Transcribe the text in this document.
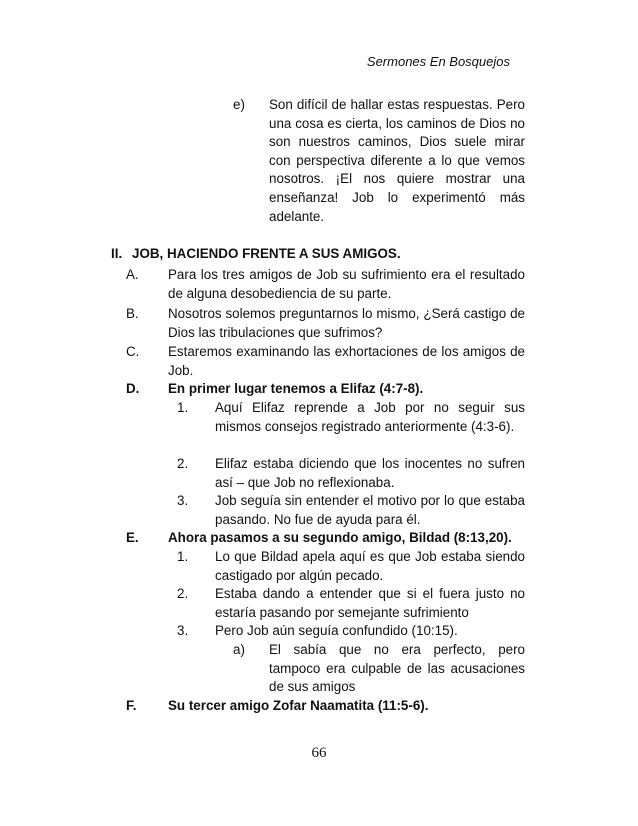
Sermones En Bosquejos
e) Son difícil de hallar estas respuestas. Pero una cosa es cierta, los caminos de Dios no son nuestros caminos, Dios suele mirar con perspectiva diferente a lo que vemos nosotros. ¡El nos quiere mostrar una enseñanza! Job lo experimentó más adelante.
II. JOB, HACIENDO FRENTE A SUS AMIGOS.
A. Para los tres amigos de Job su sufrimiento era el resultado de alguna desobediencia de su parte.
B. Nosotros solemos preguntarnos lo mismo, ¿Será castigo de Dios las tribulaciones que sufrimos?
C. Estaremos examinando las exhortaciones de los amigos de Job.
D. En primer lugar tenemos a Elifaz (4:7-8).
1. Aquí Elifaz reprende a Job por no seguir sus mismos consejos registrado anteriormente (4:3-6).
2. Elifaz estaba diciendo que los inocentes no sufren así – que Job no reflexionaba.
3. Job seguía sin entender el motivo por lo que estaba pasando. No fue de ayuda para él.
E. Ahora pasamos a su segundo amigo, Bildad (8:13,20).
1. Lo que Bildad apela aquí es que Job estaba siendo castigado por algún pecado.
2. Estaba dando a entender que si el fuera justo no estaría pasando por semejante sufrimiento
3. Pero Job aún seguía confundido (10:15).
a) El sabía que no era perfecto, pero tampoco era culpable de las acusaciones de sus amigos
F. Su tercer amigo Zofar Naamatita (11:5-6).
66
